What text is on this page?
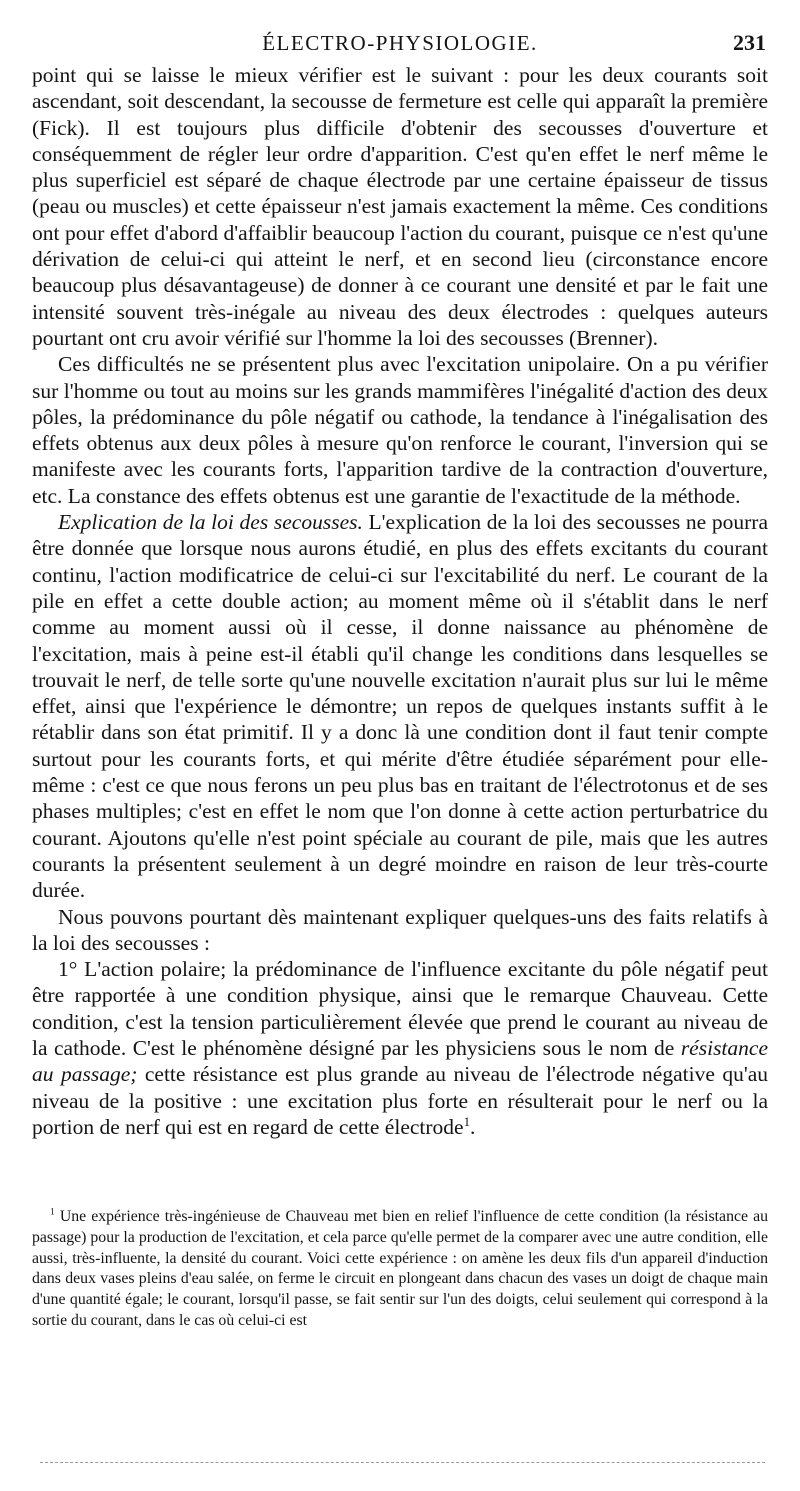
ÉLECTRO-PHYSIOLOGIE.	231

point qui se laisse le mieux vérifier est le suivant : pour les deux courants soit ascendant, soit descendant, la secousse de fermeture est celle qui apparaît la première (Fick). Il est toujours plus difficile d'obtenir des secousses d'ouverture et conséquemment de régler leur ordre d'apparition. C'est qu'en effet le nerf même le plus superficiel est séparé de chaque électrode par une certaine épaisseur de tissus (peau ou muscles) et cette épaisseur n'est jamais exactement la même. Ces conditions ont pour effet d'abord d'affaiblir beaucoup l'action du courant, puisque ce n'est qu'une dérivation de celui-ci qui atteint le nerf, et en second lieu (circonstance encore beaucoup plus désavantageuse) de donner à ce courant une densité et par le fait une intensité souvent très-inégale au niveau des deux électrodes : quelques auteurs pourtant ont cru avoir vérifié sur l'homme la loi des secousses (Brenner).

Ces difficultés ne se présentent plus avec l'excitation unipolaire. On a pu vérifier sur l'homme ou tout au moins sur les grands mammifères l'inégalité d'action des deux pôles, la prédominance du pôle négatif ou cathode, la tendance à l'inégalisation des effets obtenus aux deux pôles à mesure qu'on renforce le courant, l'inversion qui se manifeste avec les courants forts, l'apparition tardive de la contraction d'ouverture, etc. La constance des effets obtenus est une garantie de l'exactitude de la méthode.

Explication de la loi des secousses. L'explication de la loi des secousses ne pourra être donnée que lorsque nous aurons étudié, en plus des effets excitants du courant continu, l'action modificatrice de celui-ci sur l'excitabilité du nerf. Le courant de la pile en effet a cette double action; au moment même où il s'établit dans le nerf comme au moment aussi où il cesse, il donne naissance au phénomène de l'excitation, mais à peine est-il établi qu'il change les conditions dans lesquelles se trouvait le nerf, de telle sorte qu'une nouvelle excitation n'aurait plus sur lui le même effet, ainsi que l'expérience le démontre; un repos de quelques instants suffit à le rétablir dans son état primitif. Il y a donc là une condition dont il faut tenir compte surtout pour les courants forts, et qui mérite d'être étudiée séparément pour elle-même : c'est ce que nous ferons un peu plus bas en traitant de l'électrotonus et de ses phases multiples; c'est en effet le nom que l'on donne à cette action perturbatrice du courant. Ajoutons qu'elle n'est point spéciale au courant de pile, mais que les autres courants la présentent seulement à un degré moindre en raison de leur très-courte durée.

Nous pouvons pourtant dès maintenant expliquer quelques-uns des faits relatifs à la loi des secousses :

1° L'action polaire; la prédominance de l'influence excitante du pôle négatif peut être rapportée à une condition physique, ainsi que le remarque Chauveau. Cette condition, c'est la tension particulièrement élevée que prend le courant au niveau de la cathode. C'est le phénomène désigné par les physiciens sous le nom de résistance au passage; cette résistance est plus grande au niveau de l'électrode négative qu'au niveau de la positive : une excitation plus forte en résulterait pour le nerf ou la portion de nerf qui est en regard de cette électrode$^1$.

$^1$ Une expérience très-ingénieuse de Chauveau met bien en relief l'influence de cette condition (la résistance au passage) pour la production de l'excitation, et cela parce qu'elle permet de la comparer avec une autre condition, elle aussi, très-influente, la densité du courant. Voici cette expérience : on amène les deux fils d'un appareil d'induction dans deux vases pleins d'eau salée, on ferme le circuit en plongeant dans chacun des vases un doigt de chaque main d'une quantité égale; le courant, lorsqu'il passe, se fait sentir sur l'un des doigts, celui seulement qui correspond à la sortie du courant, dans le cas où celui-ci est
